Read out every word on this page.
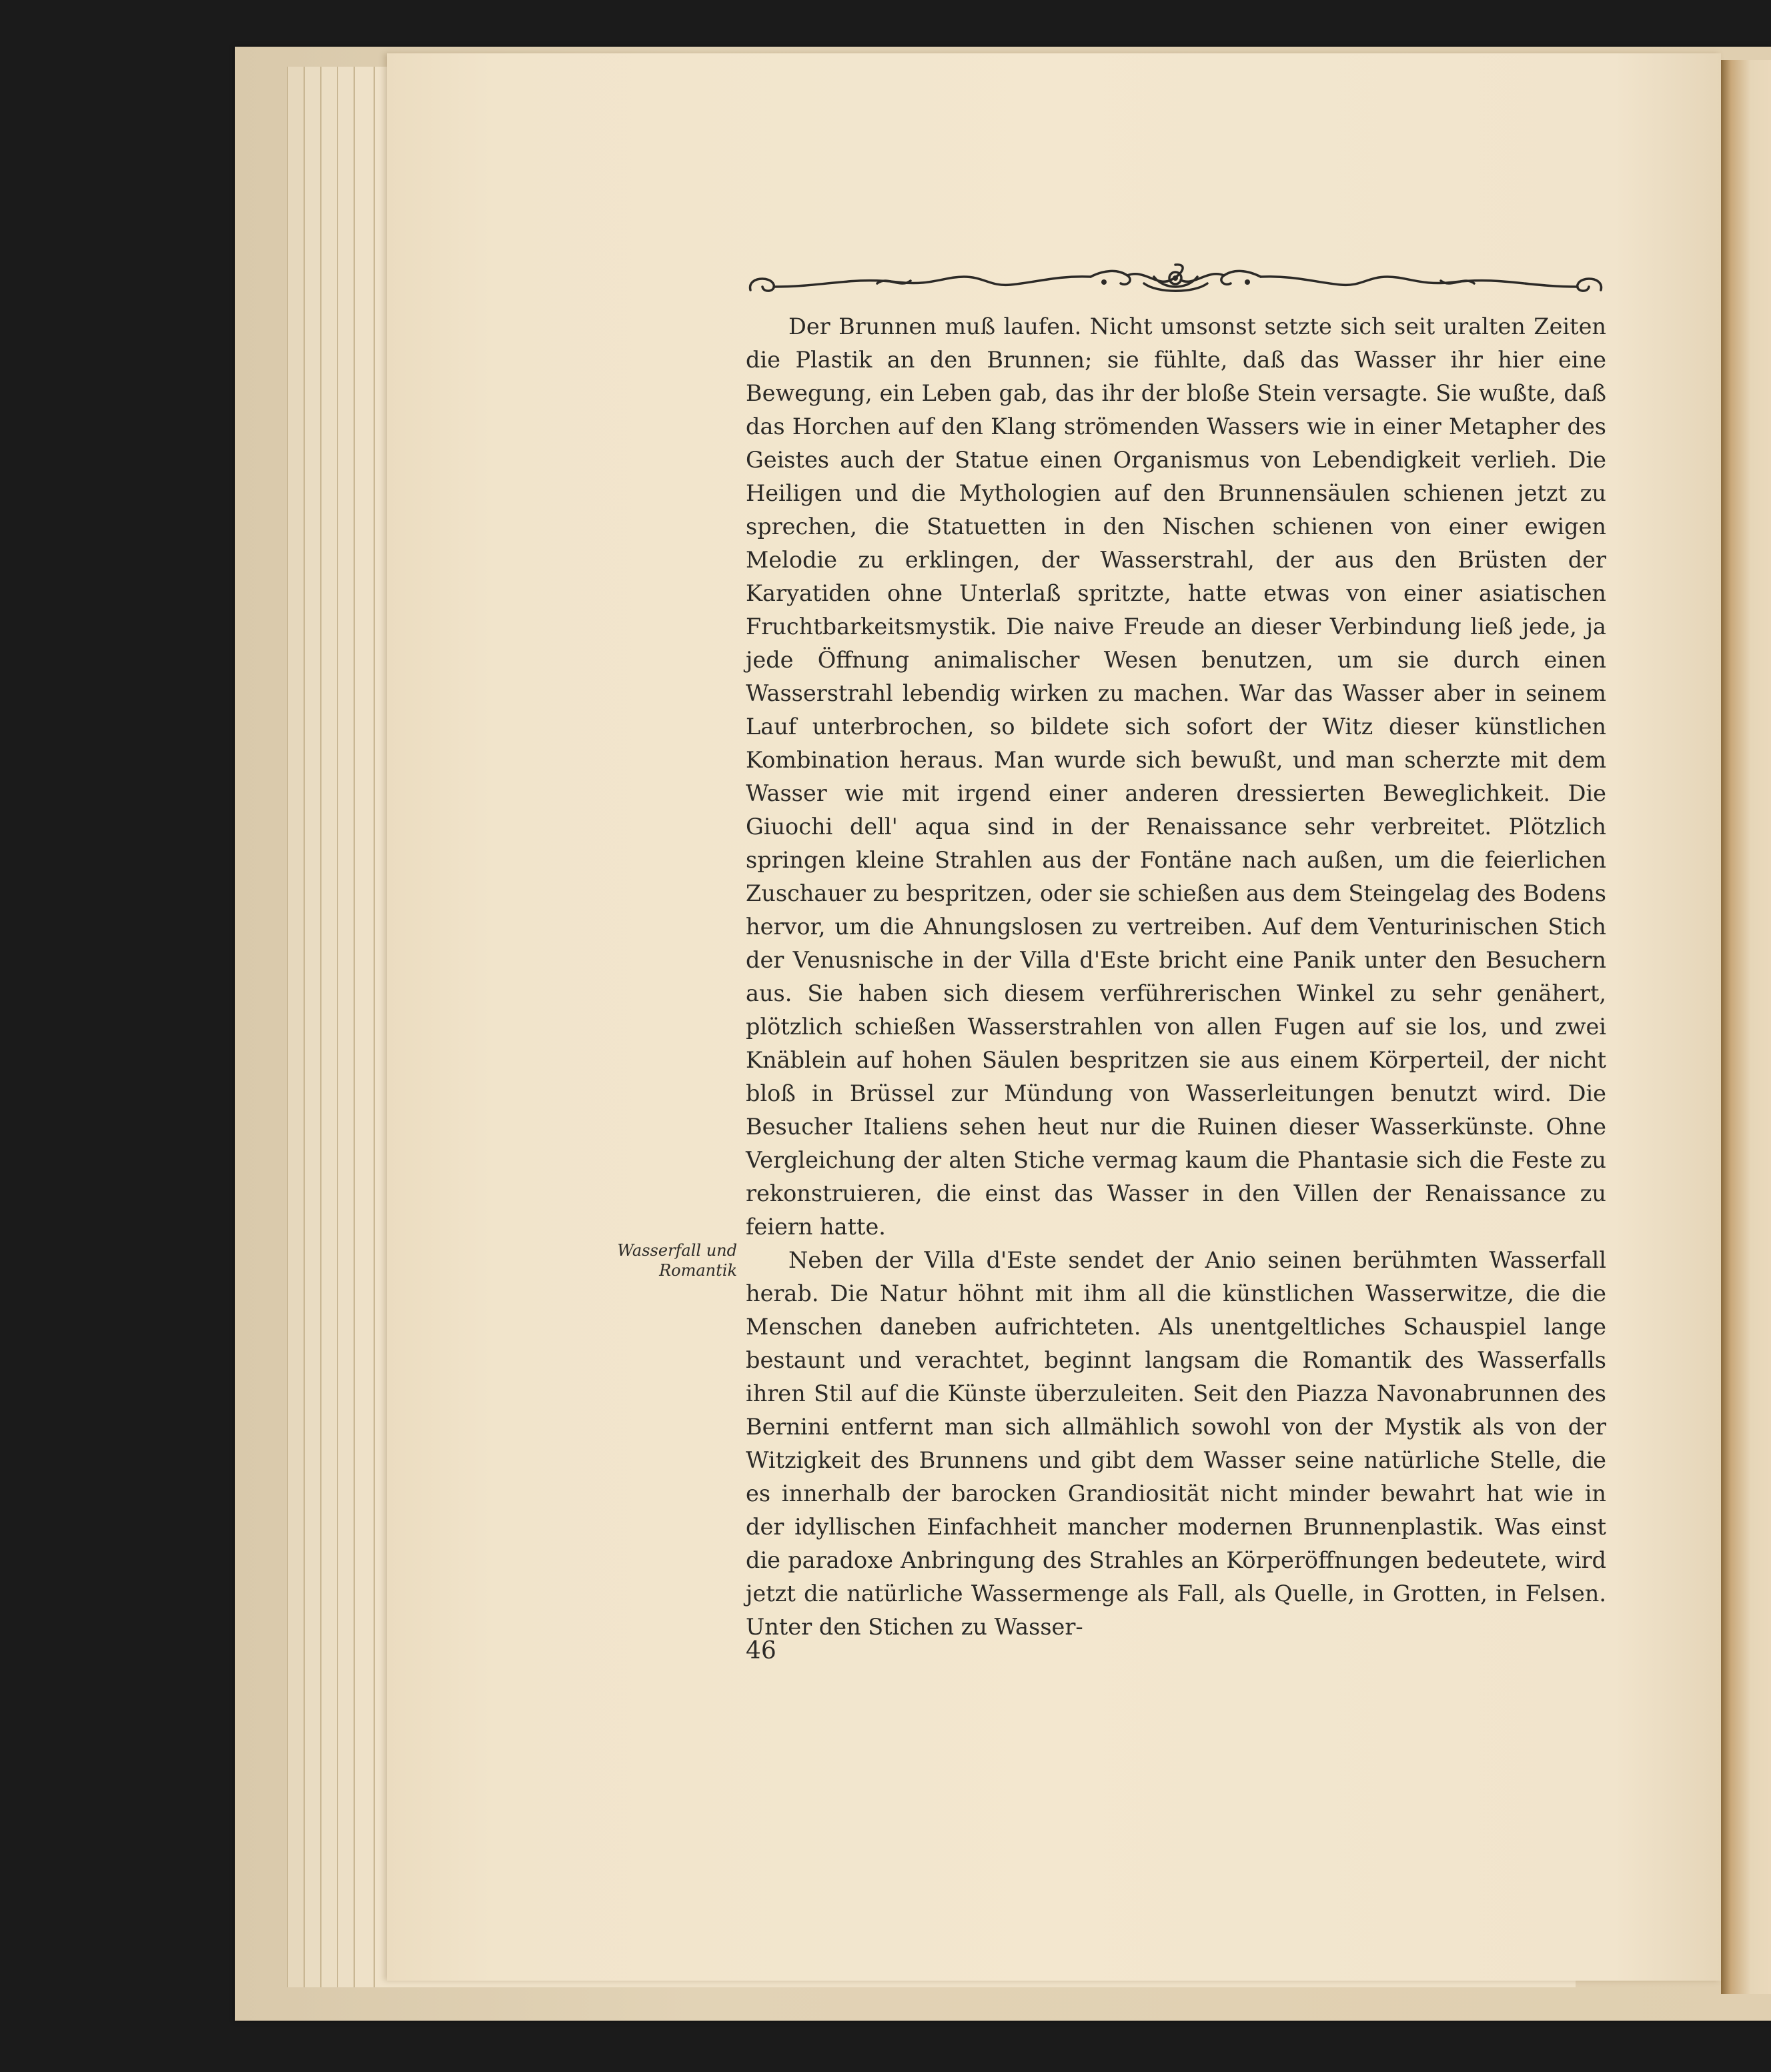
Der Brunnen muß laufen. Nicht umsonst setzte sich seit uralten Zeiten die Plastik an den Brunnen; sie fühlte, daß das Wasser ihr hier eine Bewegung, ein Leben gab, das ihr der bloße Stein versagte. Sie wußte, daß das Horchen auf den Klang strömenden Wassers wie in einer Metapher des Geistes auch der Statue einen Organismus von Lebendigkeit verlieh. Die Heiligen und die Mythologien auf den Brunnensäulen schienen jetzt zu sprechen, die Statuetten in den Nischen schienen von einer ewigen Melodie zu erklingen, der Wasserstrahl, der aus den Brüsten der Karyatiden ohne Unterlaß spritzte, hatte etwas von einer asiatischen Fruchtbarkeitsmystik. Die naive Freude an dieser Verbindung ließ jede, ja jede Öffnung animalischer Wesen benutzen, um sie durch einen Wasserstrahl lebendig wirken zu machen. War das Wasser aber in seinem Lauf unterbrochen, so bildete sich sofort der Witz dieser künstlichen Kombination heraus. Man wurde sich bewußt, und man scherzte mit dem Wasser wie mit irgend einer anderen dressierten Beweglichkeit. Die Giuochi dell' aqua sind in der Renaissance sehr verbreitet. Plötzlich springen kleine Strahlen aus der Fontäne nach außen, um die feierlichen Zuschauer zu bespritzen, oder sie schießen aus dem Steingelag des Bodens hervor, um die Ahnungslosen zu vertreiben. Auf dem Venturinischen Stich der Venusnische in der Villa d'Este bricht eine Panik unter den Besuchern aus. Sie haben sich diesem verführerischen Winkel zu sehr genähert, plötzlich schießen Wasserstrahlen von allen Fugen auf sie los, und zwei Knäblein auf hohen Säulen bespritzen sie aus einem Körperteil, der nicht bloß in Brüssel zur Mündung von Wasserleitungen benutzt wird. Die Besucher Italiens sehen heut nur die Ruinen dieser Wasserkünste. Ohne Vergleichung der alten Stiche vermag kaum die Phantasie sich die Feste zu rekonstruieren, die einst das Wasser in den Villen der Renaissance zu feiern hatte.

Neben der Villa d'Este sendet der Anio seinen berühmten Wasserfall herab. Die Natur höhnt mit ihm all die künstlichen Wasserwitze, die die Menschen daneben aufrichteten. Als unentgeltliches Schauspiel lange bestaunt und verachtet, beginnt langsam die Romantik des Wasserfalls ihren Stil auf die Künste überzuleiten. Seit den Piazza Navonabrunnen des Bernini entfernt man sich allmählich sowohl von der Mystik als von der Witzigkeit des Brunnens und gibt dem Wasser seine natürliche Stelle, die es innerhalb der barocken Grandiosität nicht minder bewahrt hat wie in der idyllischen Einfachheit mancher modernen Brunnenplastik. Was einst die paradoxe Anbringung des Strahles an Körperöffnungen bedeutete, wird jetzt die natürliche Wassermenge als Fall, als Quelle, in Grotten, in Felsen. Unter den Stichen zu Wasser-

Wasserfall und
Romantik
46
